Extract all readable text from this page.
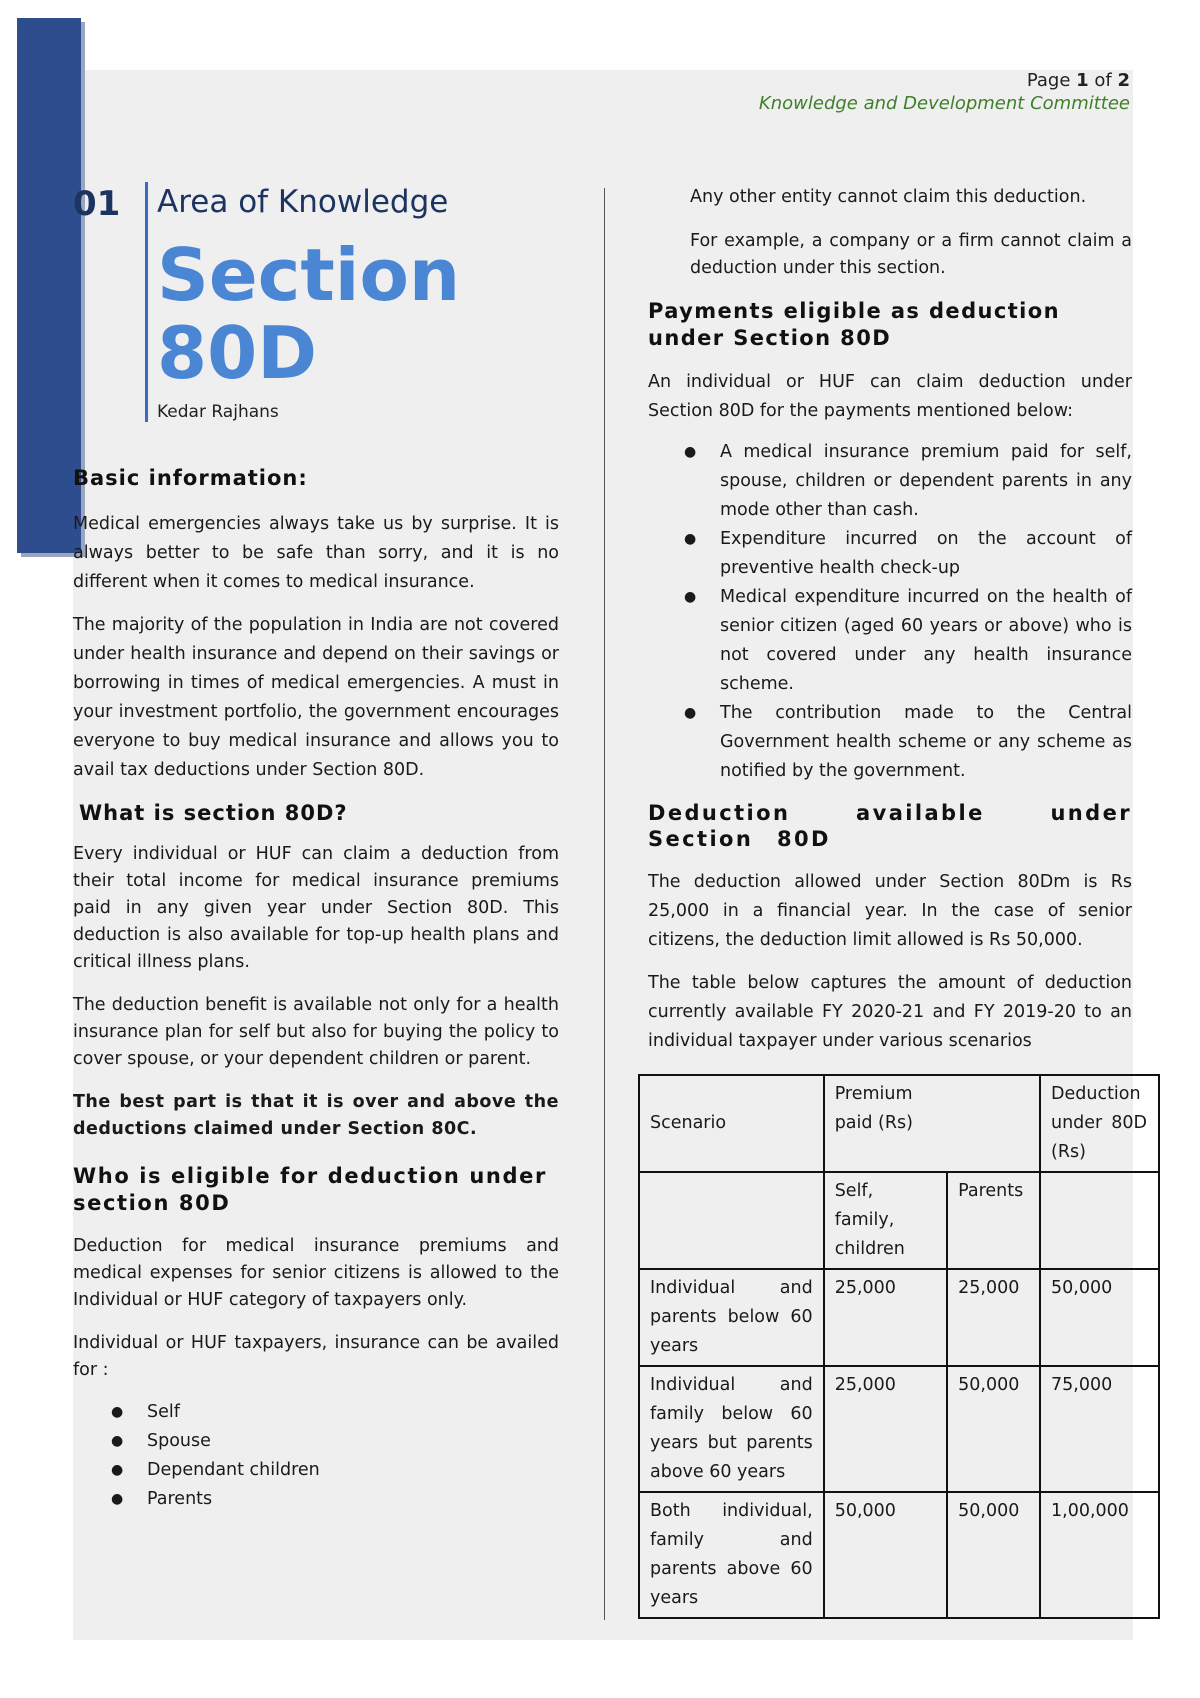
Page 1 of 2
Knowledge and Development Committee
01 Area of Knowledge
Section
80D
Kedar Rajhans
Basic information:

Medical emergencies always take us by surprise. It is always better to be safe than sorry, and it is no different when it comes to medical insurance.

The majority of the population in India are not covered under health insurance and depend on their savings or borrowing in times of medical emergencies. A must in your investment portfolio, the government encourages everyone to buy medical insurance and allows you to avail tax deductions under Section 80D.

What is section 80D?

Every individual or HUF can claim a deduction from their total income for medical insurance premiums paid in any given year under Section 80D. This deduction is also available for top-up health plans and critical illness plans.

The deduction benefit is available not only for a health insurance plan for self but also for buying the policy to cover spouse, or your dependent children or parent.

The best part is that it is over and above the deductions claimed under Section 80C.

Who is eligible for deduction under section 80D

Deduction for medical insurance premiums and medical expenses for senior citizens is allowed to the Individual or HUF category of taxpayers only.

Individual or HUF taxpayers, insurance can be availed for :

● Self
● Spouse
● Dependant children
● Parents

Any other entity cannot claim this deduction.

For example, a company or a firm cannot claim a deduction under this section.

Payments eligible as deduction under Section 80D

An individual or HUF can claim deduction under Section 80D for the payments mentioned below:

● A medical insurance premium paid for self, spouse, children or dependent parents in any mode other than cash.

● Expenditure incurred on the account of preventive health check-up

● Medical expenditure incurred on the health of senior citizen (aged 60 years or above) who is not covered under any health insurance scheme.

● The contribution made to the Central Government health scheme or any scheme as notified by the government.

Deduction available under Section 80D

The deduction allowed under Section 80Dm is Rs 25,000 in a financial year. In the case of senior citizens, the deduction limit allowed is Rs 50,000.

The table below captures the amount of deduction currently available FY 2020-21 and FY 2019-20 to an individual taxpayer under various scenarios

Scenario	Premium paid (Rs)		Deduction under 80D (Rs)

	Self, family, children	Parents	
Individual and parents below 60 years	25,000	25,000	50,000
Individual and family below 60 years but parents above 60 years	25,000	50,000	75,000
Both individual, family and parents above 60 years	50,000	50,000	1,00,000
